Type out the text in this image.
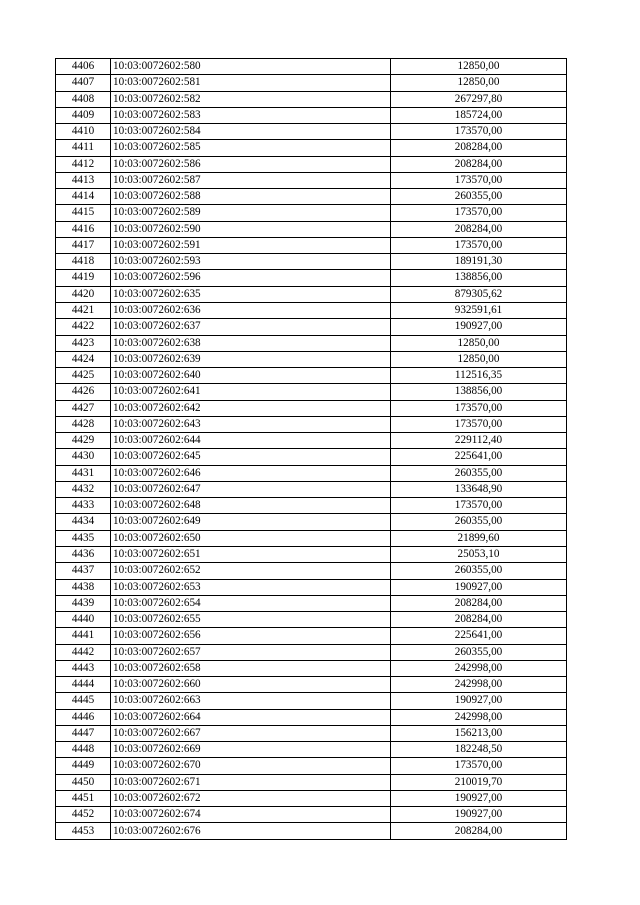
4406	10:03:0072602:580	12850,00
4407	10:03:0072602:581	12850,00
4408	10:03:0072602:582	267297,80
4409	10:03:0072602:583	185724,00
4410	10:03:0072602:584	173570,00
4411	10:03:0072602:585	208284,00
4412	10:03:0072602:586	208284,00
4413	10:03:0072602:587	173570,00
4414	10:03:0072602:588	260355,00
4415	10:03:0072602:589	173570,00
4416	10:03:0072602:590	208284,00
4417	10:03:0072602:591	173570,00
4418	10:03:0072602:593	189191,30
4419	10:03:0072602:596	138856,00
4420	10:03:0072602:635	879305,62
4421	10:03:0072602:636	932591,61
4422	10:03:0072602:637	190927,00
4423	10:03:0072602:638	12850,00
4424	10:03:0072602:639	12850,00
4425	10:03:0072602:640	112516,35
4426	10:03:0072602:641	138856,00
4427	10:03:0072602:642	173570,00
4428	10:03:0072602:643	173570,00
4429	10:03:0072602:644	229112,40
4430	10:03:0072602:645	225641,00
4431	10:03:0072602:646	260355,00
4432	10:03:0072602:647	133648,90
4433	10:03:0072602:648	173570,00
4434	10:03:0072602:649	260355,00
4435	10:03:0072602:650	21899,60
4436	10:03:0072602:651	25053,10
4437	10:03:0072602:652	260355,00
4438	10:03:0072602:653	190927,00
4439	10:03:0072602:654	208284,00
4440	10:03:0072602:655	208284,00
4441	10:03:0072602:656	225641,00
4442	10:03:0072602:657	260355,00
4443	10:03:0072602:658	242998,00
4444	10:03:0072602:660	242998,00
4445	10:03:0072602:663	190927,00
4446	10:03:0072602:664	242998,00
4447	10:03:0072602:667	156213,00
4448	10:03:0072602:669	182248,50
4449	10:03:0072602:670	173570,00
4450	10:03:0072602:671	210019,70
4451	10:03:0072602:672	190927,00
4452	10:03:0072602:674	190927,00
4453	10:03:0072602:676	208284,00
